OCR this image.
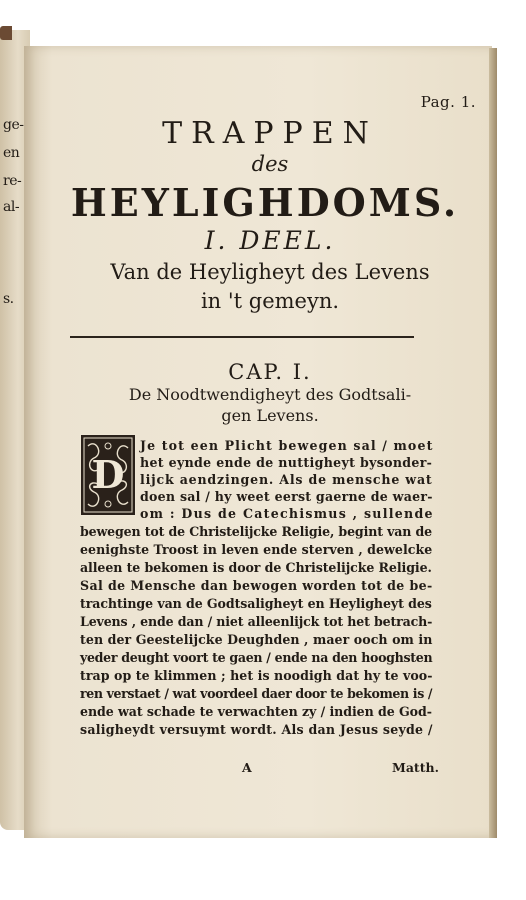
ge-
en
re-
al-
s.
Pag. 1.
TRAPPEN
des
HEYLIGHDOMS.
I. DEEL.
Van de Heyligheyt des Levens
in 't gemeyn.
CAP. I.
De Noodtwendigheyt des Godtsali-
gen Levens.
D
Je tot een Plicht bewegen sal / moet
het eynde ende de nuttigheyt bysonder-
lijck aendzingen. Als de mensche wat
doen sal / hy weet eerst gaerne de waer-
om : Dus de Catechismus , sullende
bewegen tot de Christelijcke Religie, begint van de
eenighste Troost in leven ende sterven , dewelcke
alleen te bekomen is door de Christelijcke Religie.
Sal de Mensche dan bewogen worden tot de be-
trachtinge van de Godtsaligheyt en Heyligheyt des
Levens , ende dan / niet alleenlijck tot het betrach-
ten der Geestelijcke Deughden , maer ooch om in
yeder deught voort te gaen / ende na den hooghsten
trap op te klimmen ; het is noodigh dat hy te voo-
ren verstaet / wat voordeel daer door te bekomen is /
ende wat schade te verwachten zy / indien de God-
saligheydt versuymt wordt. Als dan Jesus seyde /
A	Matth.
